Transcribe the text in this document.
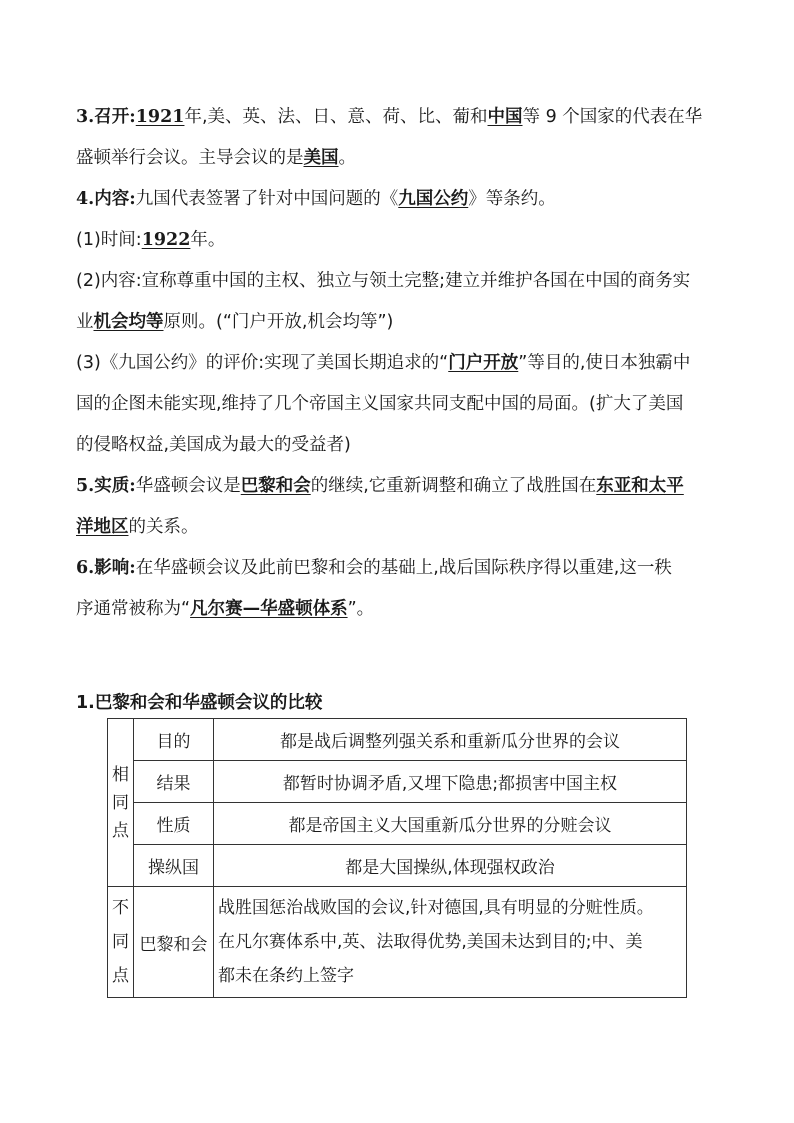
3.召开:1921年,美、英、法、日、意、荷、比、葡和中国等 9 个国家的代表在华

盛顿举行会议。主导会议的是美国。

4.内容:九国代表签署了针对中国问题的《九国公约》等条约。

(1)时间:1922年。

(2)内容:宣称尊重中国的主权、独立与领土完整;建立并维护各国在中国的商务实

业机会均等原则。(“门户开放,机会均等”)

(3)《九国公约》的评价:实现了美国长期追求的“门户开放”等目的,使日本独霸中

国的企图未能实现,维持了几个帝国主义国家共同支配中国的局面。(扩大了美国

的侵略权益,美国成为最大的受益者)

5.实质:华盛顿会议是巴黎和会的继续,它重新调整和确立了战胜国在东亚和太平

洋地区的关系。

6.影响:在华盛顿会议及此前巴黎和会的基础上,战后国际秩序得以重建,这一秩

序通常被称为“凡尔赛—华盛顿体系”。

1.巴黎和会和华盛顿会议的比较
相
同
点	目的	都是战后调整列强关系和重新瓜分世界的会议
	结果	都暂时协调矛盾,又埋下隐患;都损害中国主权
	性质	都是帝国主义大国重新瓜分世界的分赃会议
	操纵国	都是大国操纵,体现强权政治
不
同
点	巴黎和会	战胜国惩治战败国的会议,针对德国,具有明显的分赃性质。
在凡尔赛体系中,英、法取得优势,美国未达到目的;中、美
都未在条约上签字
